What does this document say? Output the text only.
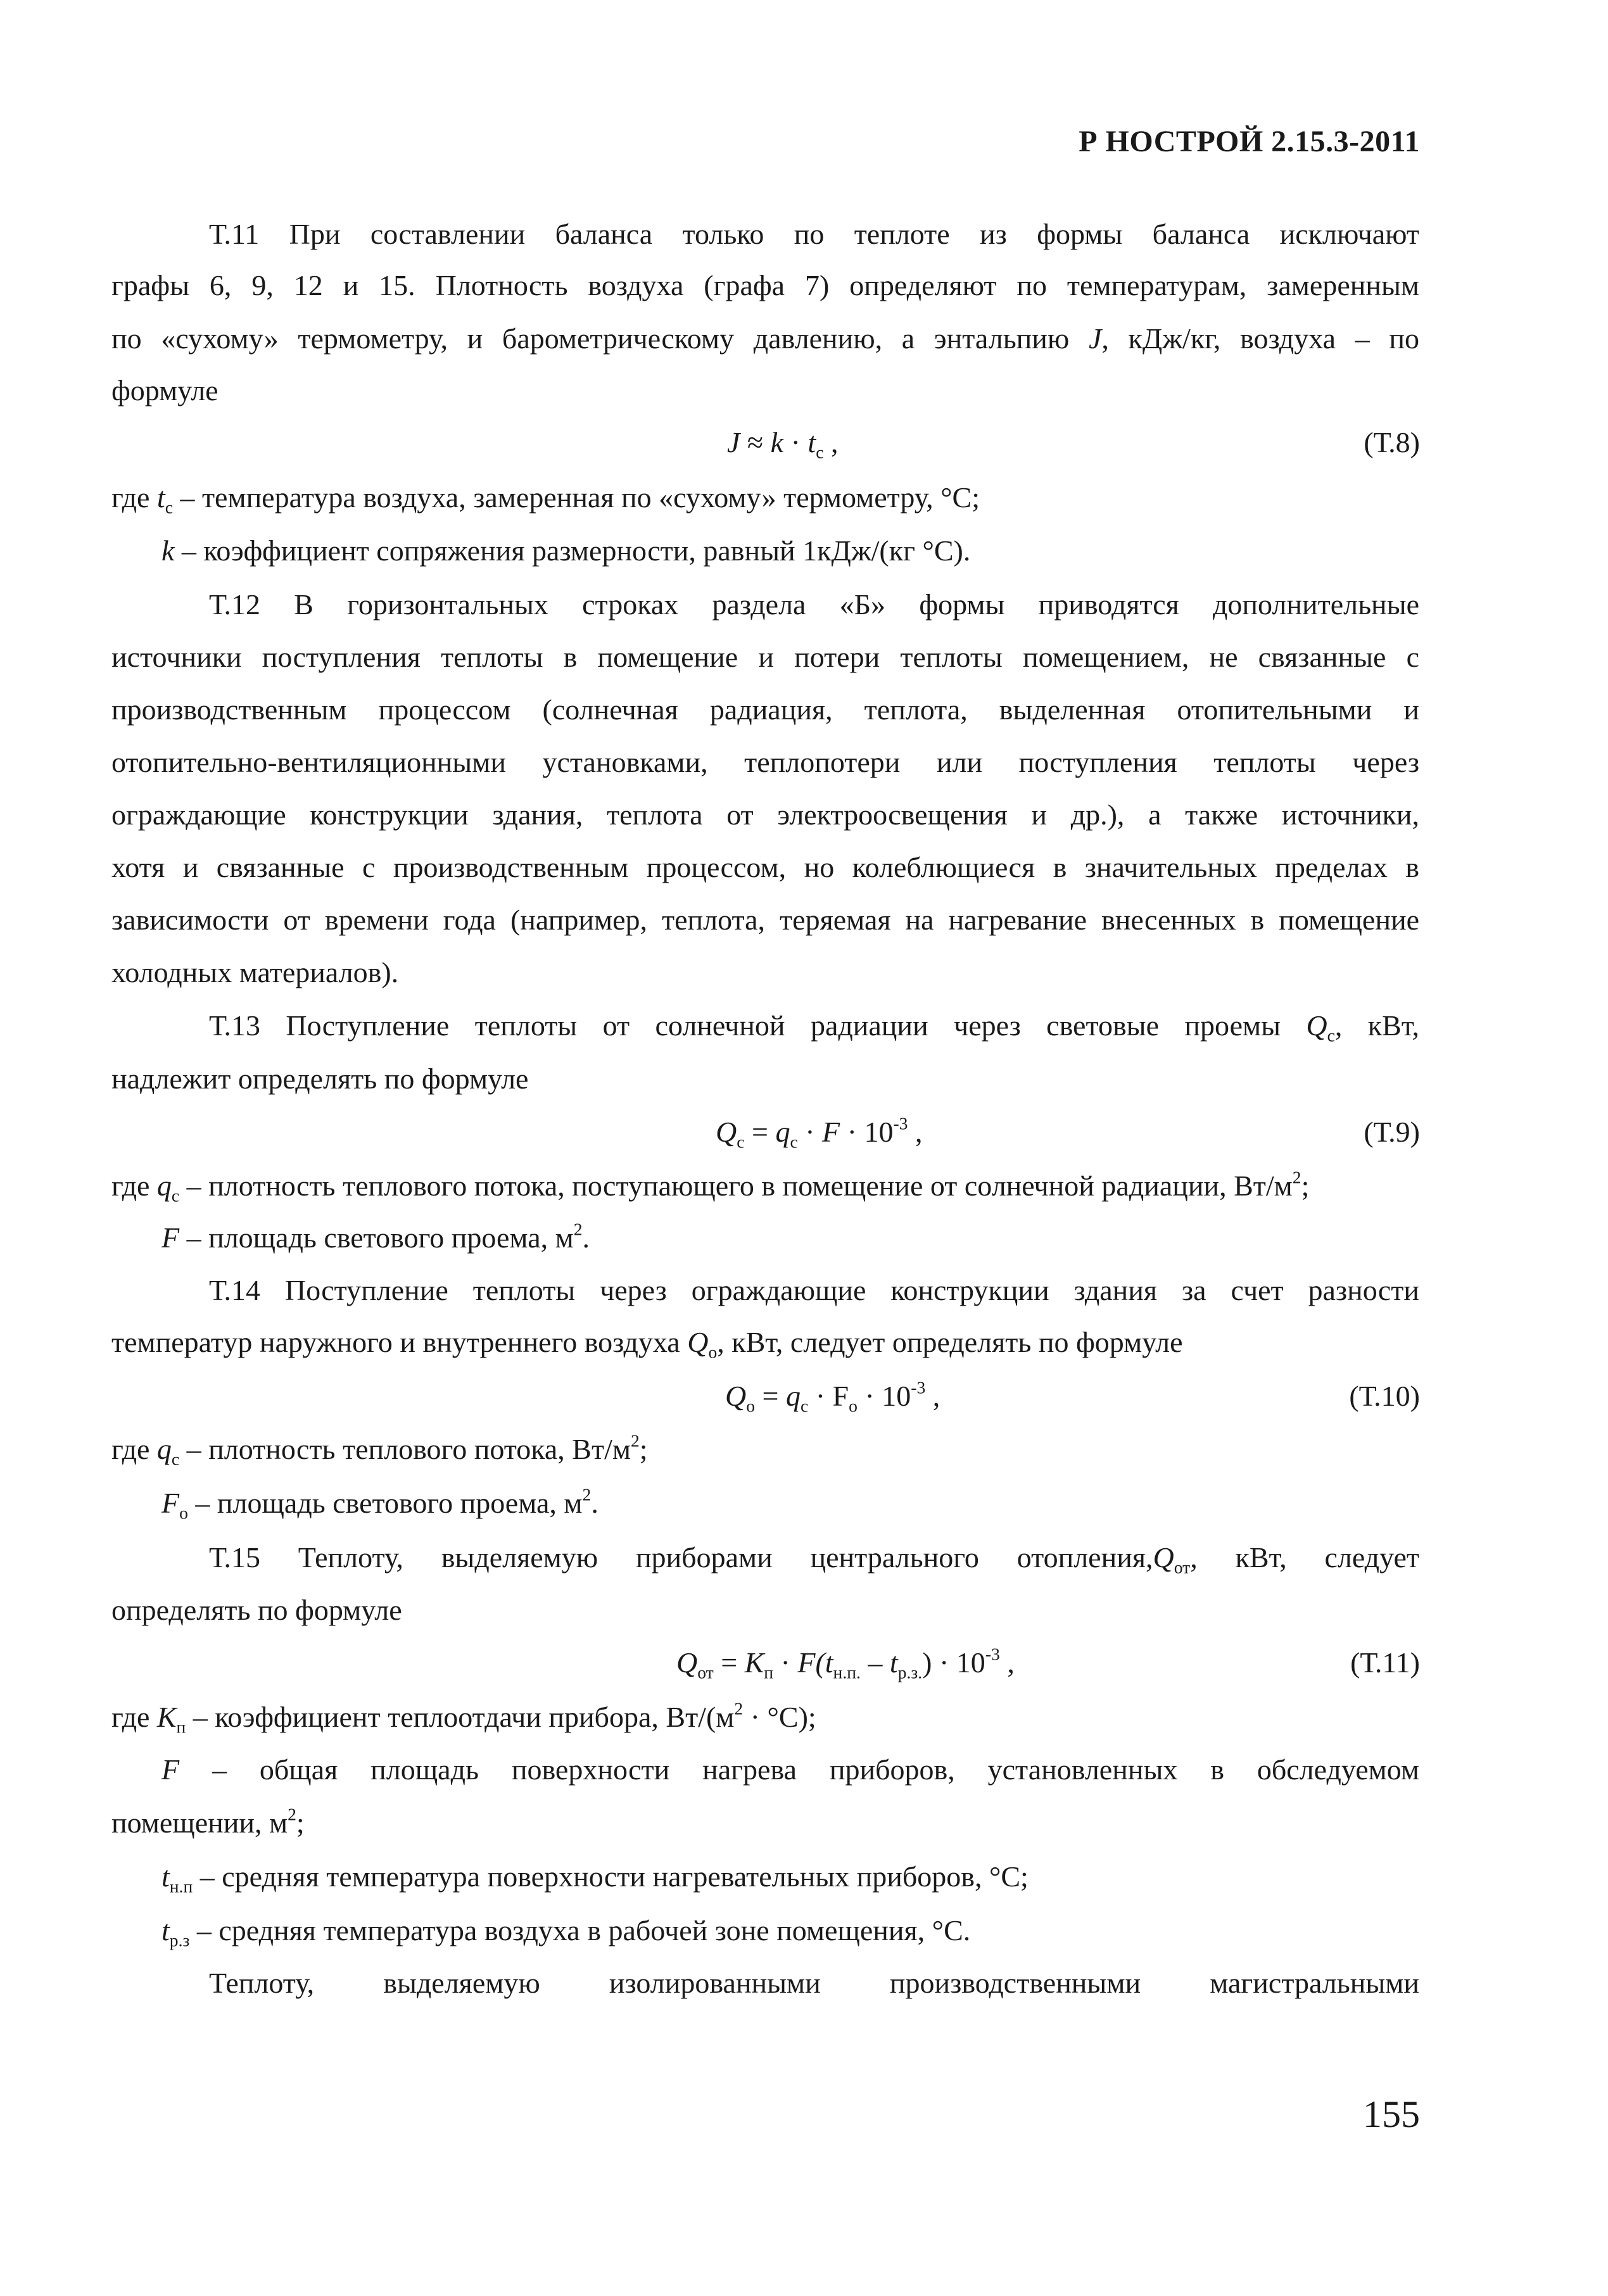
Р НОСТРОЙ 2.15.3-2011
Т.11 При составлении баланса только по теплоте из формы баланса исключают
графы 6, 9, 12 и 15. Плотность воздуха (графа 7) определяют по температурам, замеренным
по «сухому» термометру, и барометрическому давлению, а энтальпию J, кДж/кг, воздуха – по
формуле
$J \approx k \cdot t_с$ ,	(Т.8)
где $t_с$ – температура воздуха, замеренная по «сухому» термометру, °С;
k – коэффициент сопряжения размерности, равный 1кДж/(кг °С).
Т.12 В горизонтальных строках раздела «Б» формы приводятся дополнительные
источники поступления теплоты в помещение и потери теплоты помещением, не связанные с
производственным процессом (солнечная радиация, теплота, выделенная отопительными и
отопительно-вентиляционными установками, теплопотери или поступления теплоты через
ограждающие конструкции здания, теплота от электроосвещения и др.), а также источники,
хотя и связанные с производственным процессом, но колеблющиеся в значительных пределах в
зависимости от времени года (например, теплота, теряемая на нагревание внесенных в помещение
холодных материалов).
Т.13 Поступление теплоты от солнечной радиации через световые проемы $Q_с$, кВт,
надлежит определять по формуле
$Q_с = q_с \cdot F \cdot 10^{-3}$ ,	(Т.9)
где $q_с$ – плотность теплового потока, поступающего в помещение от солнечной радиации, $Вт/м^2$;
F – площадь светового проема, $м^2$.
Т.14 Поступление теплоты через ограждающие конструкции здания за счет разности
температур наружного и внутреннего воздуха $Q_о$, кВт, следует определять по формуле
$Q_о = q_с \cdot F_о \cdot 10^{-3}$ ,	(Т.10)
где $q_с$ – плотность теплового потока, $Вт/м^2$;
$F_о$ – площадь светового проема, $м^2$.
Т.15 Теплоту, выделяемую приборами центрального $отопления,Q_{от}$, кВт, следует
определять по формуле
$Q_{от} = К_п \cdot F(t_{н.п.} - t_{р.з.}) \cdot 10^{-3}$ ,	(Т.11)
где $К_п$ – коэффициент теплоотдачи прибора, $Вт/(м^2 \cdot ^\circ С)$;
F – общая площадь поверхности нагрева приборов, установленных в обследуемом
помещении, $м^2$;
$t_{н.п}$ – средняя температура поверхности нагревательных приборов, °С;
$t_{р.з}$ – средняя температура воздуха в рабочей зоне помещения, °С.
Теплоту, выделяемую изолированными производственными магистральными
155
